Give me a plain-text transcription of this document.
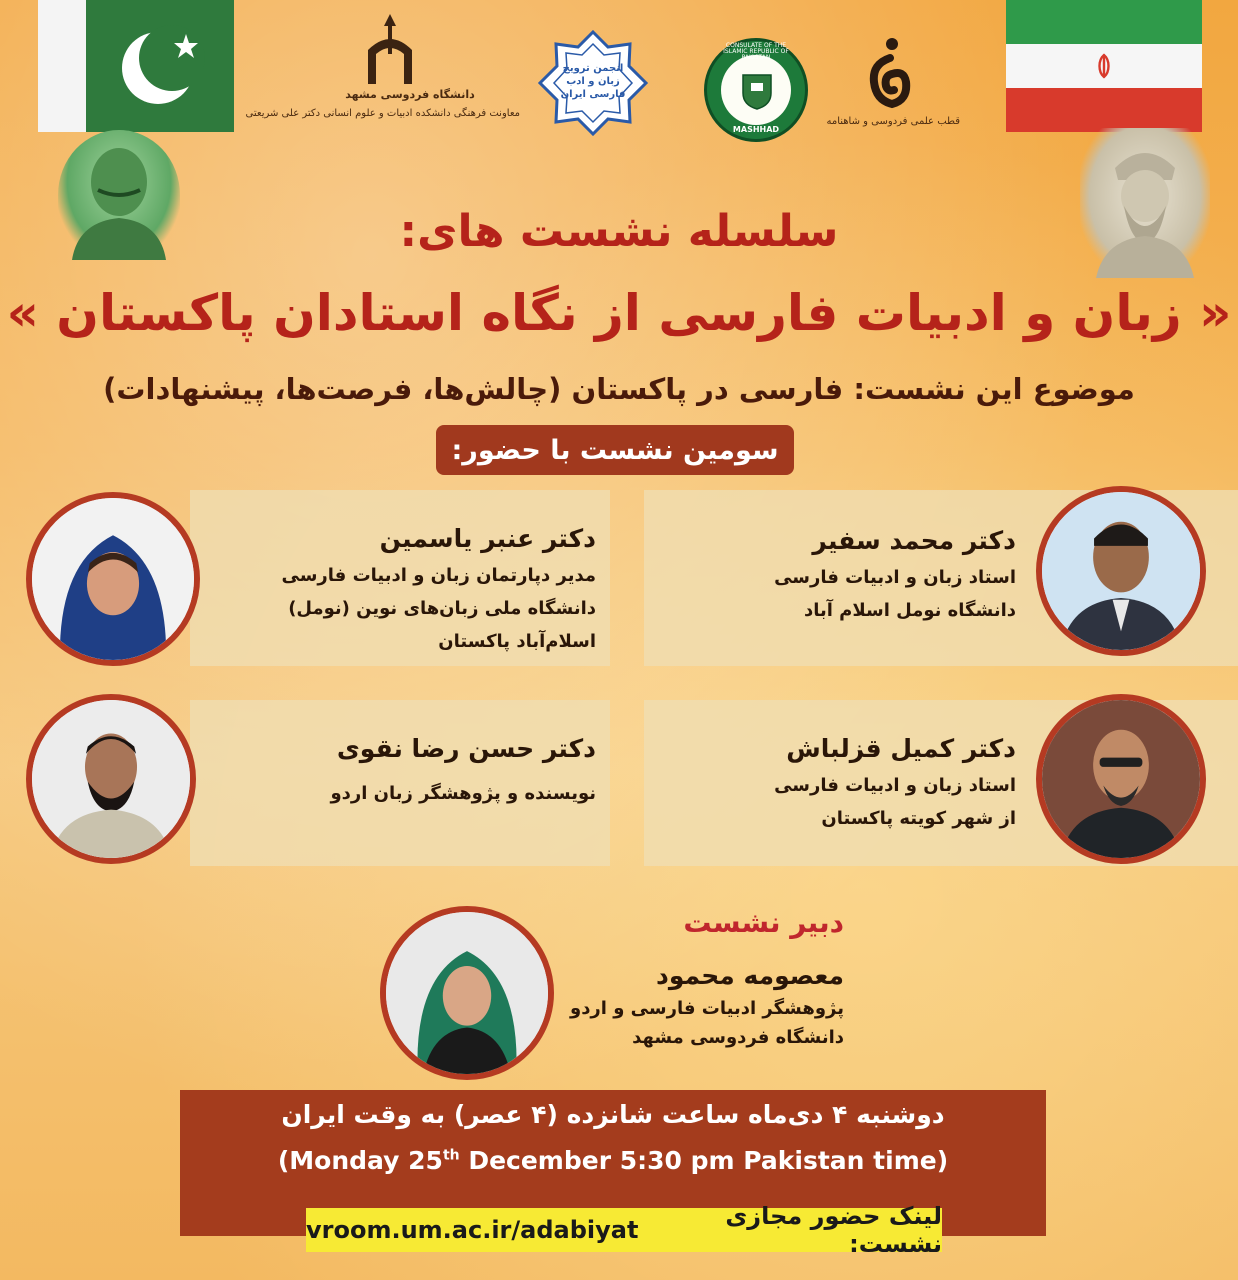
دانشگاه فردوسی مشهد
معاونت فرهنگی دانشکده ادبیات و علوم انسانی دکتر علی شریعتی
انجمن ترویج زبان و ادب فارسی ایران
CONSULATE OF THE ISLAMIC REPUBLIC OF PAKISTAN
MASHHAD
قطب علمی فردوسی و شاهنامه
سلسله نشست های:
« زبان و ادبیات فارسی از نگاه استادان پاکستان »
موضوع این نشست: فارسی در پاکستان (چالش‌ها، فرصت‌ها، پیشنهادات)
سومین نشست با حضور:
دکتر محمد سفیر
استاد زبان و ادبیات فارسی
دانشگاه نومل اسلام آباد
دکتر عنبر یاسمین
مدیر دپارتمان زبان و ادبیات فارسی
دانشگاه ملی زبان‌های نوین (نومل)
اسلام‌آباد پاکستان
دکتر کمیل قزلباش
استاد زبان و ادبیات فارسی
از شهر کویته پاکستان
دکتر حسن رضا نقوی
نویسنده و پژوهشگر زبان اردو
دبیر نشست
معصومه محمود
پژوهشگر ادبیات فارسی و اردو
دانشگاه فردوسی مشهد
دوشنبه ۴ دی‌ماه ساعت شانزده (۴ عصر) به وقت ایران
(Monday 25th December 5:30 pm Pakistan time)
vroom.um.ac.ir/adabiyat	لینک حضور مجازی نشست:
